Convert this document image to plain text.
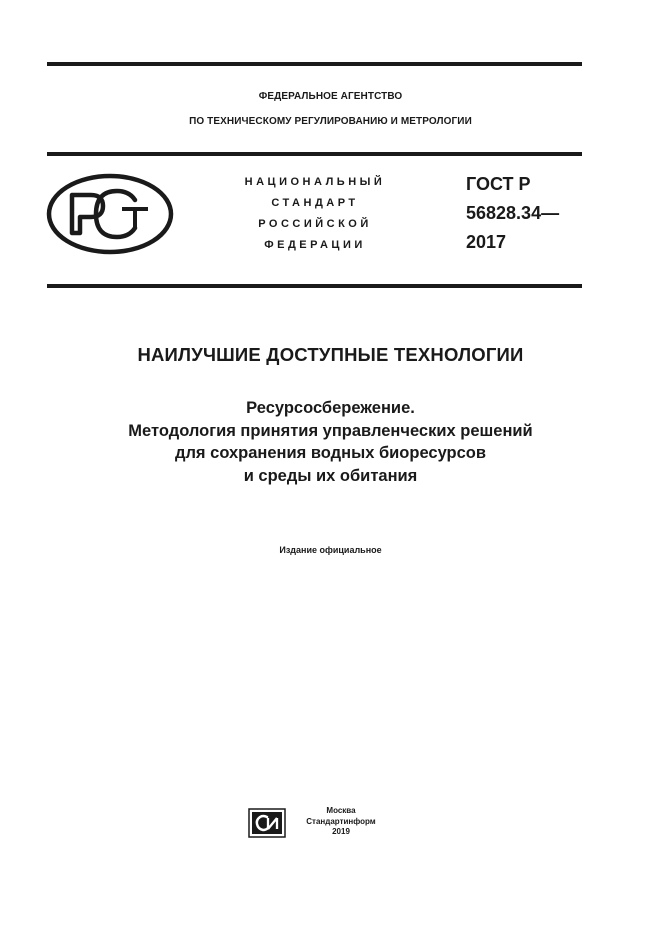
ФЕДЕРАЛЬНОЕ АГЕНТСТВО
ПО ТЕХНИЧЕСКОМУ РЕГУЛИРОВАНИЮ И МЕТРОЛОГИИ
НАЦИОНАЛЬНЫЙ
СТАНДАРТ
РОССИЙСКОЙ
ФЕДЕРАЦИИ
ГОСТ Р
56828.34—
2017
НАИЛУЧШИЕ ДОСТУПНЫЕ ТЕХНОЛОГИИ
Ресурсосбережение.
Методология принятия управленческих решений
для сохранения водных биоресурсов
и среды их обитания
Издание официальное
Москва
Стандартинформ
2019
